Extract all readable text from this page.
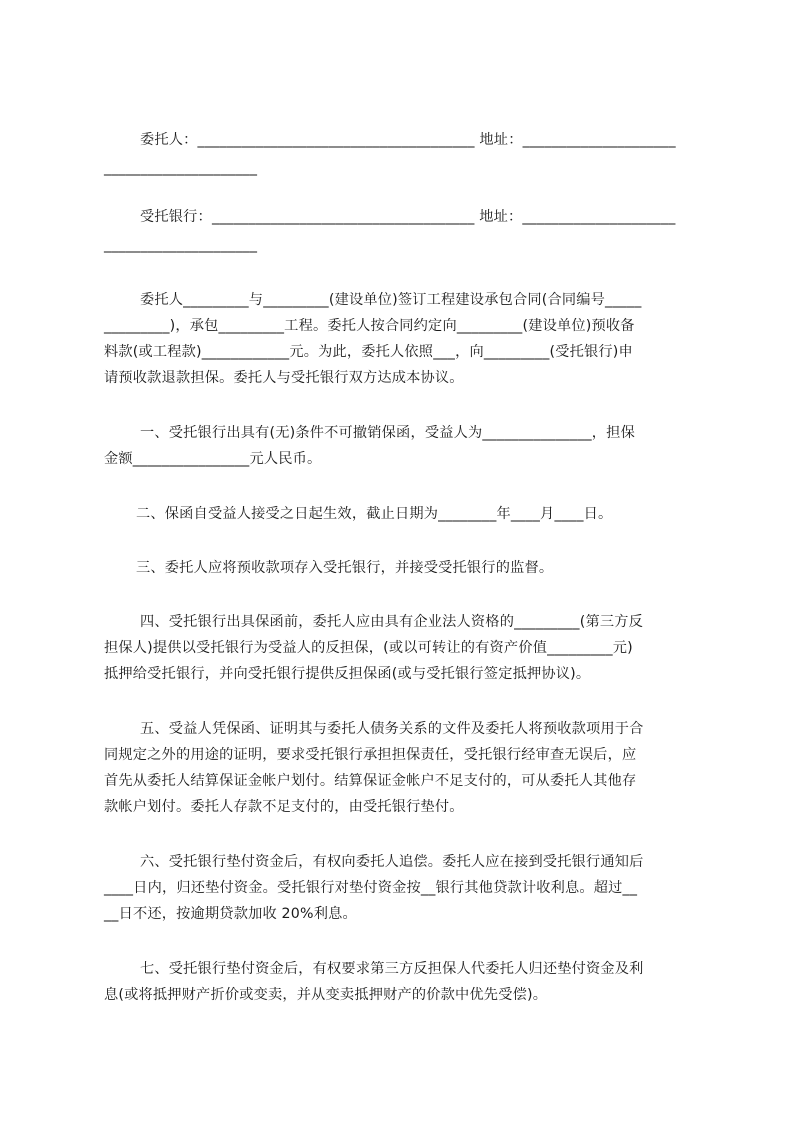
委托人：______________________________________ 地址：_____________________
_____________________
受托银行：____________________________________ 地址：_____________________
_____________________
委托人_________与_________(建设单位)签订工程建设承包合同(合同编号_____
_________)，承包_________工程。委托人按合同约定向_________(建设单位)预收备
料款(或工程款)____________元。为此，委托人依照___，向_________(受托银行)申
请预收款退款担保。委托人与受托银行双方达成本协议。
一、受托银行出具有(无)条件不可撤销保函，受益人为_______________，担保
金额________________元人民币。
二、保函自受益人接受之日起生效，截止日期为________年____月____日。
三、委托人应将预收款项存入受托银行，并接受受托银行的监督。
四、受托银行出具保函前，委托人应由具有企业法人资格的_________(第三方反
担保人)提供以受托银行为受益人的反担保，(或以可转让的有资产价值_________元)
抵押给受托银行，并向受托银行提供反担保函(或与受托银行签定抵押协议)。
五、受益人凭保函、证明其与委托人债务关系的文件及委托人将预收款项用于合
同规定之外的用途的证明，要求受托银行承担担保责任，受托银行经审查无误后，应
首先从委托人结算保证金帐户划付。结算保证金帐户不足支付的，可从委托人其他存
款帐户划付。委托人存款不足支付的，由受托银行垫付。
六、受托银行垫付资金后，有权向委托人追偿。委托人应在接到受托银行通知后
____日内，归还垫付资金。受托银行对垫付资金按__银行其他贷款计收利息。超过__
__日不还，按逾期贷款加收 20%利息。
七、受托银行垫付资金后，有权要求第三方反担保人代委托人归还垫付资金及利
息(或将抵押财产折价或变卖，并从变卖抵押财产的价款中优先受偿)。
